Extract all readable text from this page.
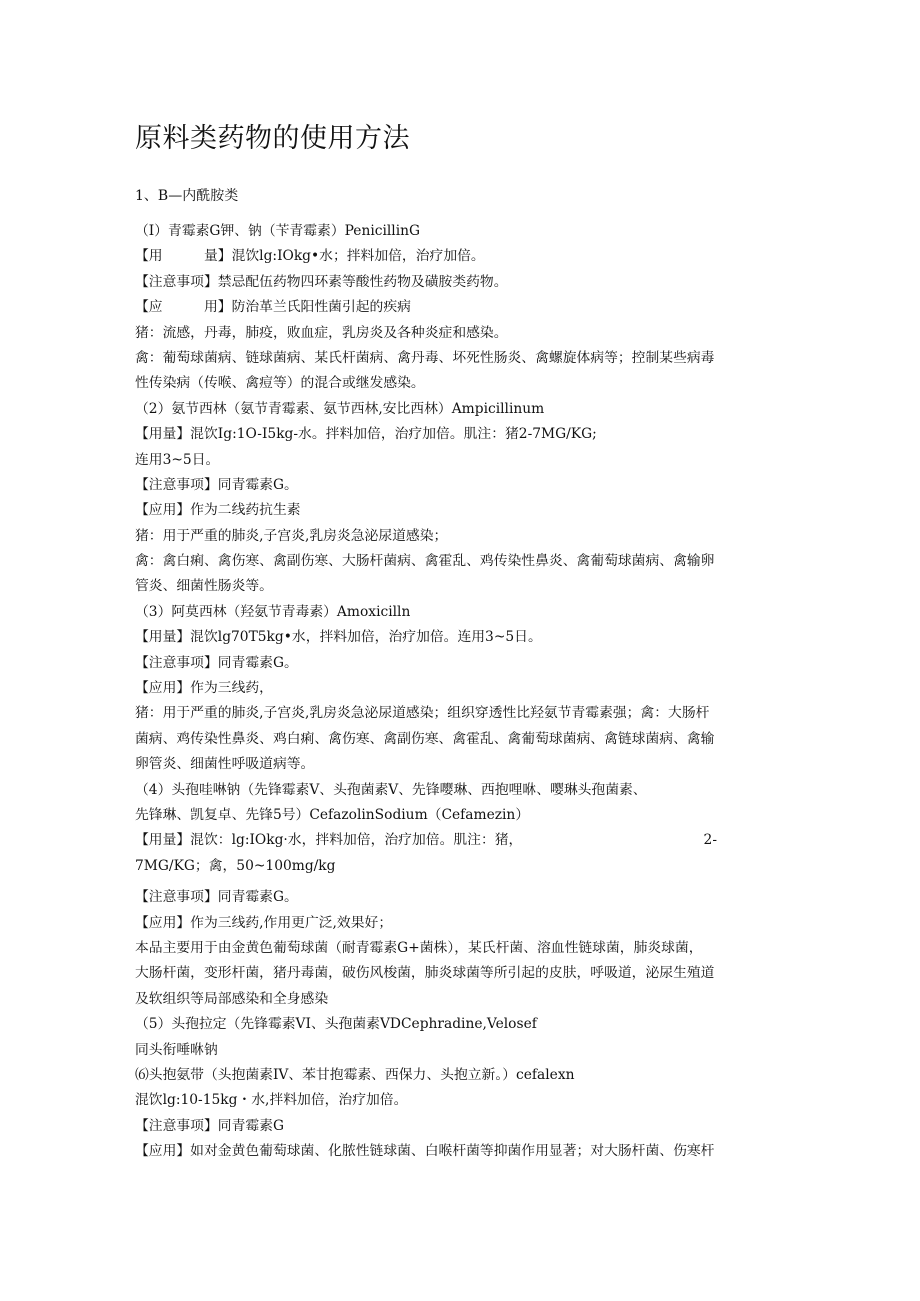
原料类药物的使用方法
1、B—内酰胺类
（I）青霉素G钾、钠（苄青霉素）PenicillinG
【用　　　量】混饮lg:IOkg•水；拌料加倍，治疗加倍。
【注意事项】禁忌配伍药物四环素等酸性药物及磺胺类药物。
【应　　　用】防治革兰氏阳性菌引起的疾病
猪：流感，丹毒，肺疫，败血症，乳房炎及各种炎症和感染。
禽：葡萄球菌病、链球菌病、某氏杆菌病、禽丹毒、坏死性肠炎、禽螺旋体病等；控制某些病毒
性传染病（传喉、禽痘等）的混合或继发感染。
（2）氨节西林（氨节青霉素、氨节西林,安比西林）Ampicillinum
【用量】混饮Ig:1O-I5kg-水。拌料加倍，治疗加倍。肌注：猪2-7MG/KG;
连用3~5日。
【注意事项】同青霉素G。
【应用】作为二线药抗生素
猪：用于严重的肺炎,子宫炎,乳房炎急泌尿道感染；
禽：禽白痢、禽伤寒、禽副伤寒、大肠杆菌病、禽霍乱、鸡传染性鼻炎、禽葡萄球菌病、禽输卵
管炎、细菌性肠炎等。
（3）阿莫西林（羟氨节青毒素）Amoxicilln
【用量】混饮lg70T5kg•水，拌料加倍，治疗加倍。连用3~5日。
【注意事项】同青霉素G。
【应用】作为三线药，
猪：用于严重的肺炎,子宫炎,乳房炎急泌尿道感染；组织穿透性比羟氨节青霉素强；禽：大肠杆
菌病、鸡传染性鼻炎、鸡白痢、禽伤寒、禽副伤寒、禽霍乱、禽葡萄球菌病、禽链球菌病、禽输
卵管炎、细菌性呼吸道病等。
（4）头孢哇啉钠（先锋霉素V、头孢菌素V、先锋嘤琳、西抱哩咻、嘤琳头孢菌素、
先锋琳、凯复卓、先锋5号）CefazolinSodium（Cefamezin）
【用量】混饮：lg:IOkg·水，拌料加倍，治疗加倍。肌注：猪，	2-
7MG/KG；禽，50~100mg/kg
【注意事项】同青霉素G。
【应用】作为三线药,作用更广泛,效果好；
本品主要用于由金黄色葡萄球菌（耐青霉素G+菌株），某氏杆菌、溶血性链球菌，肺炎球菌，
大肠杆菌，变形杆菌，猪丹毒菌，破伤风梭菌，肺炎球菌等所引起的皮肤，呼吸道，泌尿生殖道
及软组织等局部感染和全身感染
（5）头孢拉定（先锋霉素VI、头孢菌素VDCephradine,Velosef
同头衔唾咻钠
⑹头抱氨带（头抱菌素IV、苯甘抱霉素、西保力、头抱立新。）cefalexn
混饮lg:10-15kg・水,拌料加倍，治疗加倍。
【注意事项】同青霉素G
【应用】如对金黄色葡萄球菌、化脓性链球菌、白喉杆菌等抑菌作用显著；对大肠杆菌、伤寒杆
